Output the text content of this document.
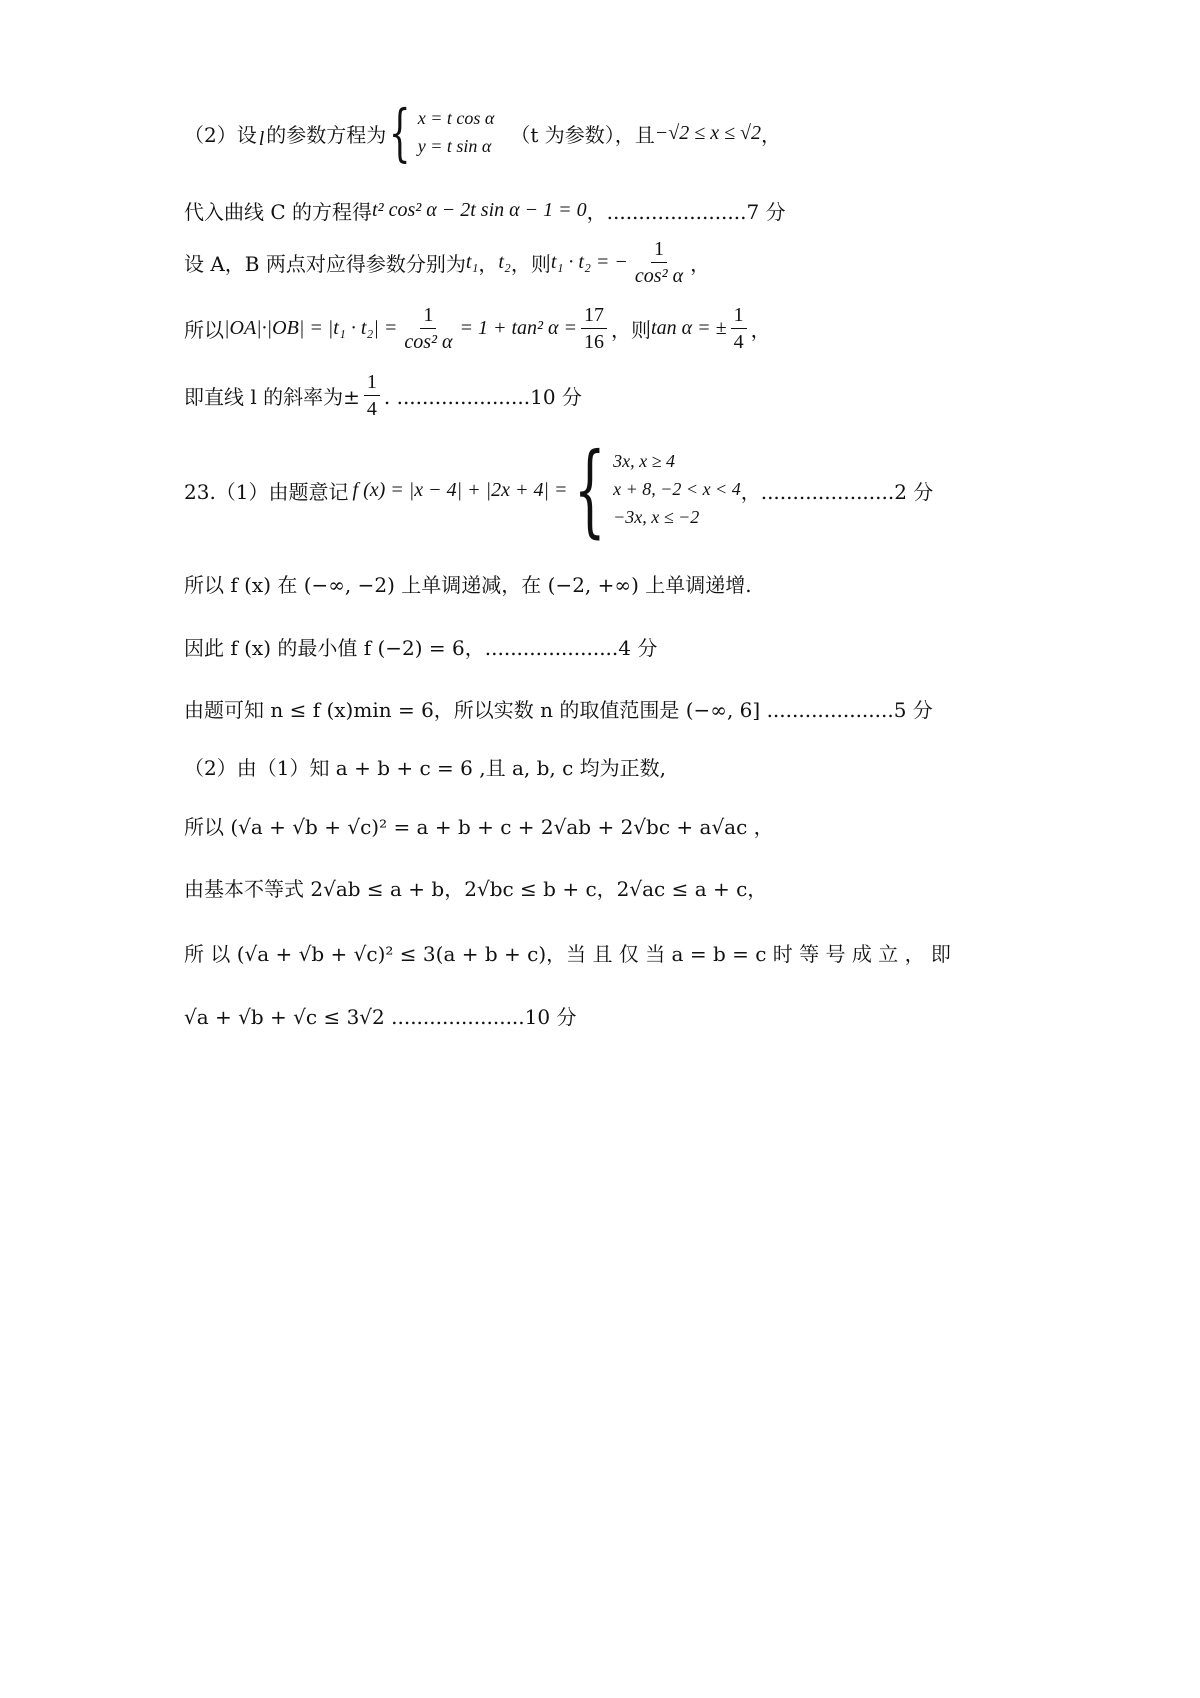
（2）设 l 的参数方程为 { x = t cos α
y = t sin α （t 为参数），且 −√2 ≤ x ≤ √2 ，
代入曲线 C 的方程得 t² cos² α − 2t sin α − 1 = 0 ，......................7 分
设 A，B 两点对应得参数分别为 t₁ ， t₂ ，则 t₁ · t₂ = − $\frac{1}{\text{cos² α}}$ ，
所以 $|OA|\cdot|OB| = |t_1 \cdot t_2| = \frac{1}{\text{cos² α}} = 1 + \tan^2$ $\alpha = \frac{17}{16}$ ，则 tan α = ± $\frac{1}{4}$ ，
即直线 l 的斜率为± $\frac{1}{4}$ . .....................10 分
23.（1）由题意记 f (x) = |x − 4| + |2x + 4| = { 3x, x ≥ 4
x + 8, −2 < x < 4
−3x, x ≤ −2
，.....................2 分
所以 f (x) 在 (−∞, −2) 上单调递减，在 (−2, +∞) 上单调递增.
因此 f (x) 的最小值 f (−2) = 6，.....................4 分
由题可知 n ≤ f (x)min = 6，所以实数 n 的取值范围是 (−∞, 6] ....................5 分
（2）由（1）知 a + b + c = 6 ,且 a, b, c 均为正数,
所以 (√a + √b + √c)² = a + b + c + 2√ab + 2√bc + a√ac ，
由基本不等式 2√ab ≤ a + b，2√bc ≤ b + c，2√ac ≤ a + c，
所 以 (√a + √b + √c)² ≤ 3(a + b + c)，当 且 仅 当 a = b = c 时 等 号 成 立 ， 即
√a + √b + √c ≤ 3√2 .....................10 分
